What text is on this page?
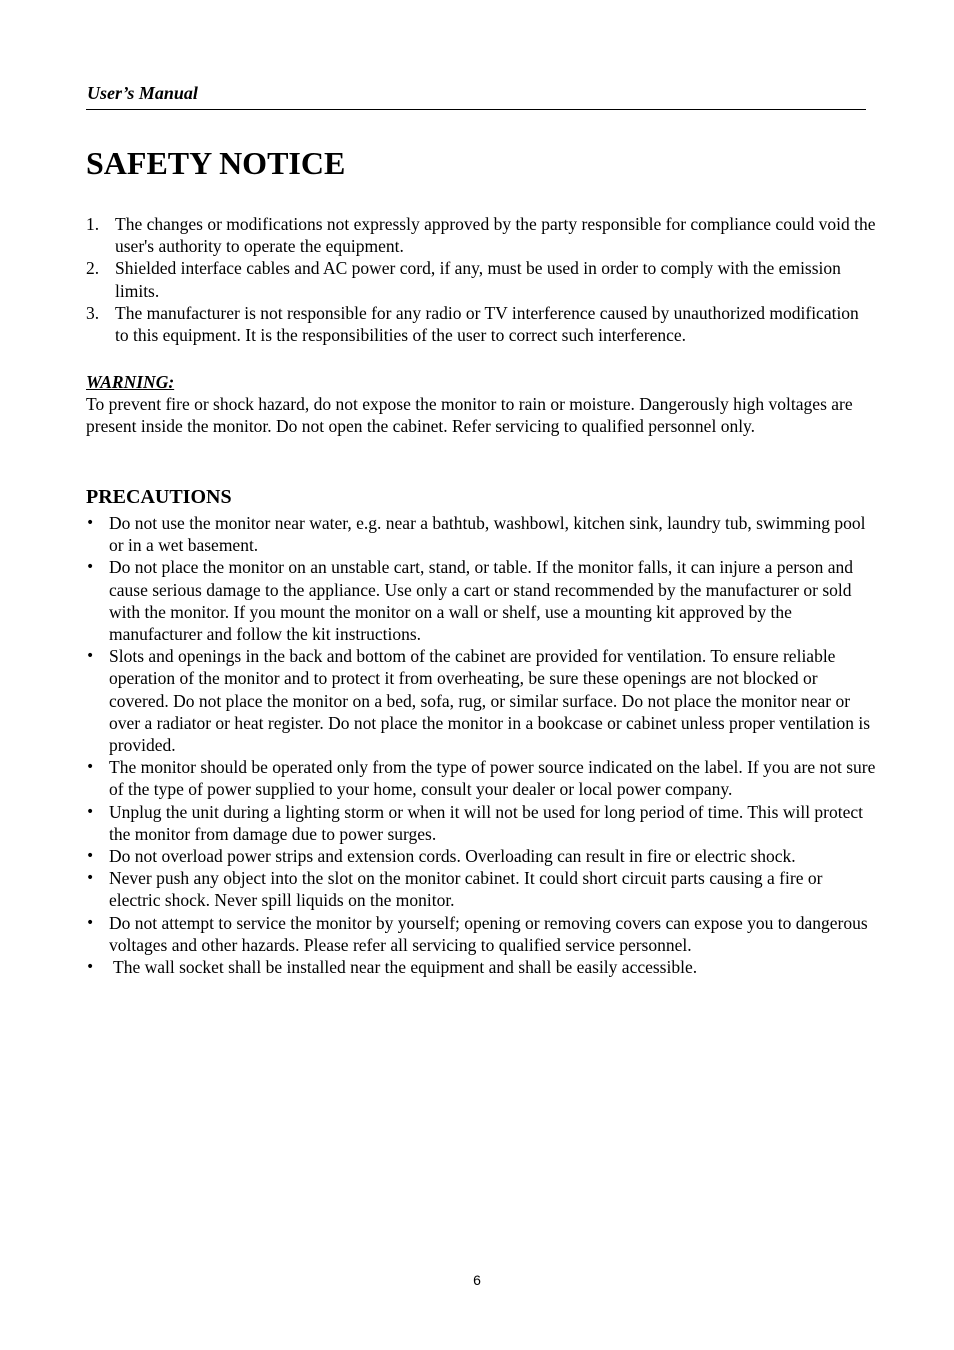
User’s Manual
SAFETY NOTICE
1. The changes or modifications not expressly approved by the party responsible for compliance could void the user's authority to operate the equipment.
2. Shielded interface cables and AC power cord, if any, must be used in order to comply with the emission limits.
3. The manufacturer is not responsible for any radio or TV interference caused by unauthorized modification to this equipment. It is the responsibilities of the user to correct such interference.
WARNING:
To prevent fire or shock hazard, do not expose the monitor to rain or moisture. Dangerously high voltages are present inside the monitor. Do not open the cabinet. Refer servicing to qualified personnel only.
PRECAUTIONS
• Do not use the monitor near water, e.g. near a bathtub, washbowl, kitchen sink, laundry tub, swimming pool or in a wet basement.
• Do not place the monitor on an unstable cart, stand, or table. If the monitor falls, it can injure a person and cause serious damage to the appliance. Use only a cart or stand recommended by the manufacturer or sold with the monitor. If you mount the monitor on a wall or shelf, use a mounting kit approved by the manufacturer and follow the kit instructions.
• Slots and openings in the back and bottom of the cabinet are provided for ventilation. To ensure reliable operation of the monitor and to protect it from overheating, be sure these openings are not blocked or covered. Do not place the monitor on a bed, sofa, rug, or similar surface. Do not place the monitor near or over a radiator or heat register. Do not place the monitor in a bookcase or cabinet unless proper ventilation is provided.
• The monitor should be operated only from the type of power source indicated on the label. If you are not sure of the type of power supplied to your home, consult your dealer or local power company.
• Unplug the unit during a lighting storm or when it will not be used for long period of time. This will protect the monitor from damage due to power surges.
• Do not overload power strips and extension cords. Overloading can result in fire or electric shock.
• Never push any object into the slot on the monitor cabinet. It could short circuit parts causing a fire or electric shock. Never spill liquids on the monitor.
• Do not attempt to service the monitor by yourself; opening or removing covers can expose you to dangerous voltages and other hazards. Please refer all servicing to qualified service personnel.
• The wall socket shall be installed near the equipment and shall be easily accessible.
6
